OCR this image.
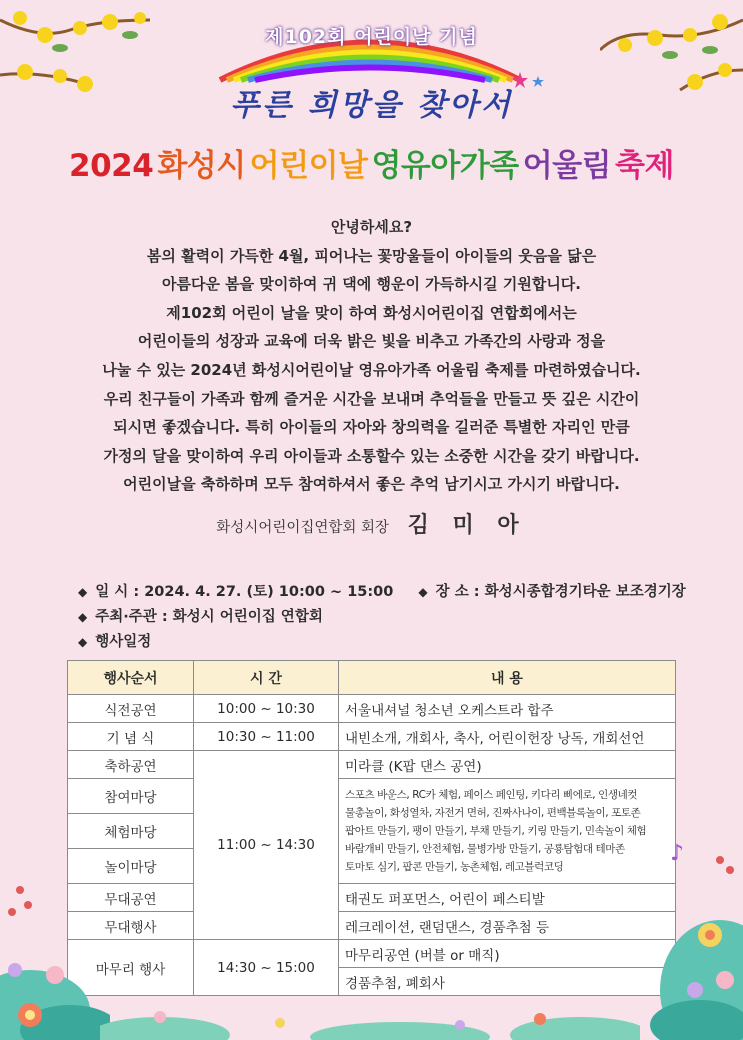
제102회 어린이날 기념
푸른 희망을 찾아서
2024 화성시 어린이날 영유아가족 어울림 축제
안녕하세요?
봄의 활력이 가득한 4월, 피어나는 꽃망울들이 아이들의 웃음을 닮은
아름다운 봄을 맞이하여 귀 댁에 행운이 가득하시길 기원합니다.
제102회 어린이 날을 맞이 하여 화성시어린이집 연합회에서는
어린이들의 성장과 교육에 더욱 밝은 빛을 비추고 가족간의 사랑과 정을
나눌 수 있는 2024년 화성시어린이날 영유아가족 어울림 축제를 마련하였습니다.
우리 친구들이 가족과 함께 즐거운 시간을 보내며 추억들을 만들고 뜻 깊은 시간이
되시면 좋겠습니다. 특히 아이들의 자아와 창의력을 길러준 특별한 자리인 만큼
가정의 달을 맞이하여 우리 아이들과 소통할수 있는 소중한 시간을 갖기 바랍니다.
어린이날을 축하하며 모두 참여하셔서 좋은 추억 남기시고 가시기 바랍니다.
화성시어린이집연합회 회장 김 미 아
◆ 일 시 : 2024. 4. 27. (토) 10:00 ~ 15:00 ◆ 장 소 : 화성시종합경기타운 보조경기장
◆ 주최·주관 : 화성시 어린이집 연합회
◆ 행사일정
행사순서	시 간	내 용
식전공연	10:00 ~ 10:30	서울내셔널 청소년 오케스트라 합주
기 념 식	10:30 ~ 11:00	내빈소개, 개회사, 축사, 어린이헌장 낭독, 개회선언
축하공연	11:00 ~ 14:30	미라클 (K팝 댄스 공연)
참여마당		스포츠 바운스, RC카 체험, 페이스 페인팅, 키다리 삐에로, 인생네컷
물총놀이, 화성열차, 자전거 면허, 진짜사나이, 편백블록놀이, 포토존
팝아트 만들기, 팽이 만들기, 부채 만들기, 키링 만들기, 민속놀이 체험
바람개비 만들기, 안전체험, 물병가방 만들기, 공룡탐험대 테마존
토마토 심기, 팝콘 만들기, 농촌체험, 레고블럭코딩

체험마당		
놀이마당		
무대공연		태권도 퍼포먼스, 어린이 페스티발
무대행사		레크레이션, 랜덤댄스, 경품추첨 등
마무리 행사	14:30 ~ 15:00	마무리공연 (버블 or 매직)
		경품추첨, 폐회사
♪
